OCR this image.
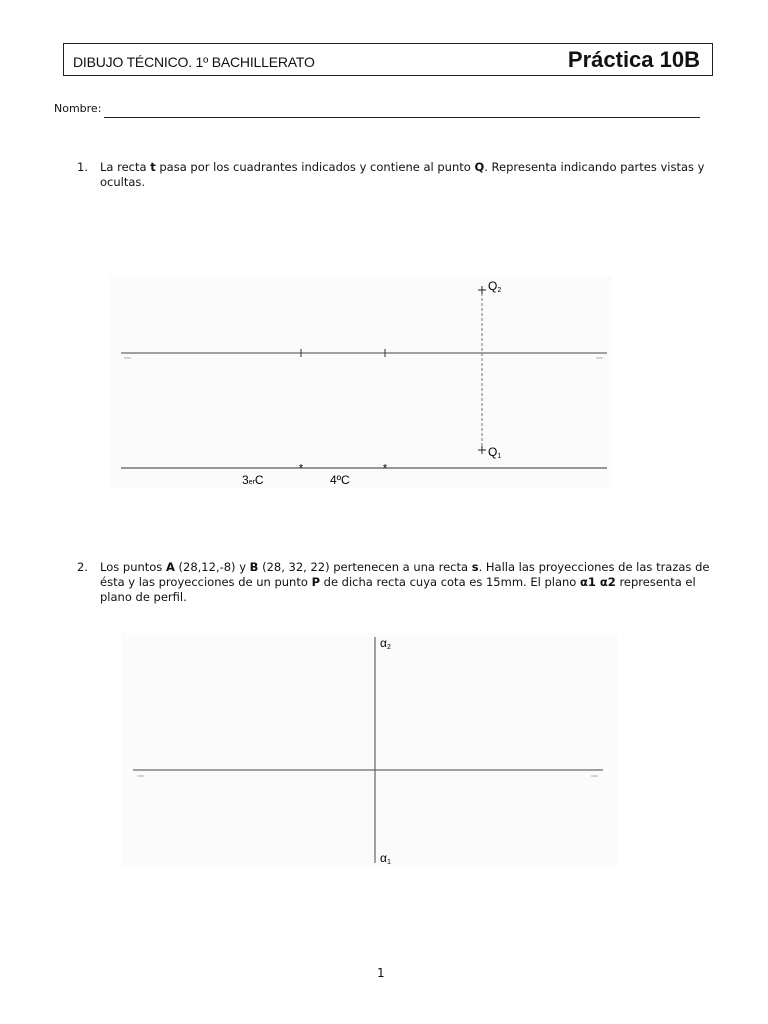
DIBUJO TÉCNICO. 1º BACHILLERATO	Práctica 10B
Nombre:
1. La recta t pasa por los cuadrantes indicados y contiene al punto Q. Representa indicando partes vistas y ocultas.
Q2
Q1
*	*
3erC	4ºC
2. Los puntos A (28,12,-8) y B (28, 32, 22) pertenecen a una recta s. Halla las proyecciones de las trazas de ésta y las proyecciones de un punto P de dicha recta cuya cota es 15mm. El plano α1 α2 representa el plano de perfil.
α2
α1
1
